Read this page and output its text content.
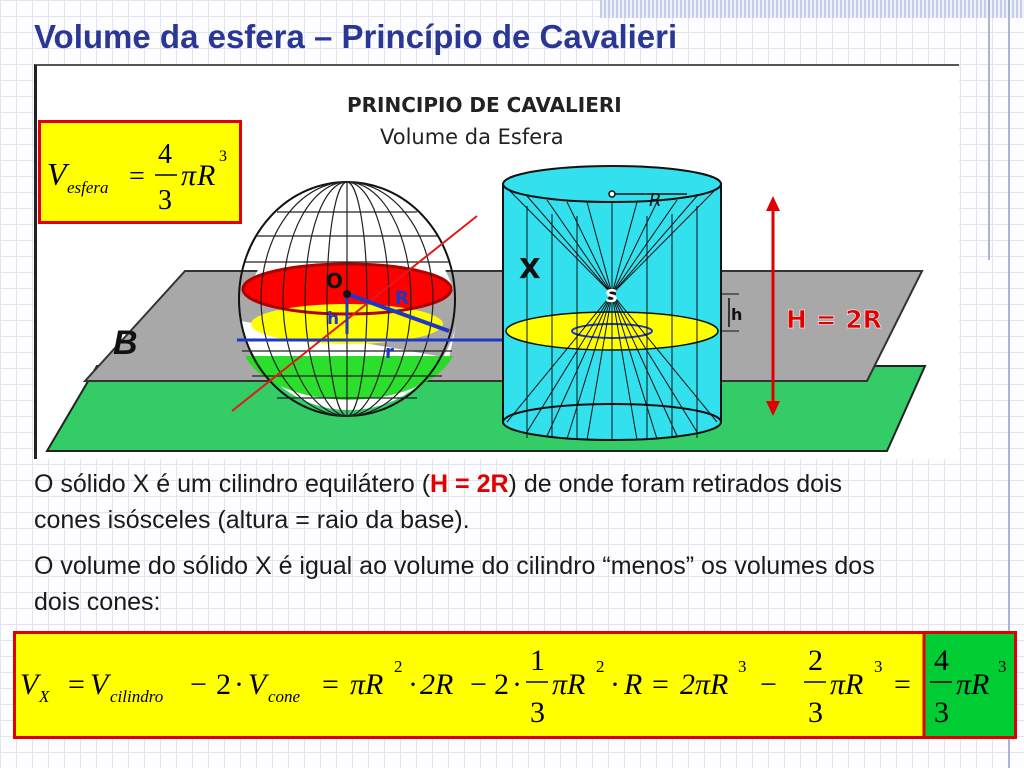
Volume da esfera – Princípio de Cavalieri
B
O
R
h
r
R
X
S
h H = 2R
PRINCIPIO DE CAVALIERI
Volume da Esfera
V esfera =
4
3
π R
3

O sólido X é um cilindro equilátero (H = 2R) de onde foram retirados dois cones isósceles (altura = raio da base).

O volume do sólido X é igual ao volume do cilindro “menos” os volumes dos dois cones:

V X = V cilindro − 2 · V cone = πR
2
· 2R − 2 ·
1
3
πR
2
· R = 2πR
3
−
2
3
πR
3
=
4
3
πR
3
